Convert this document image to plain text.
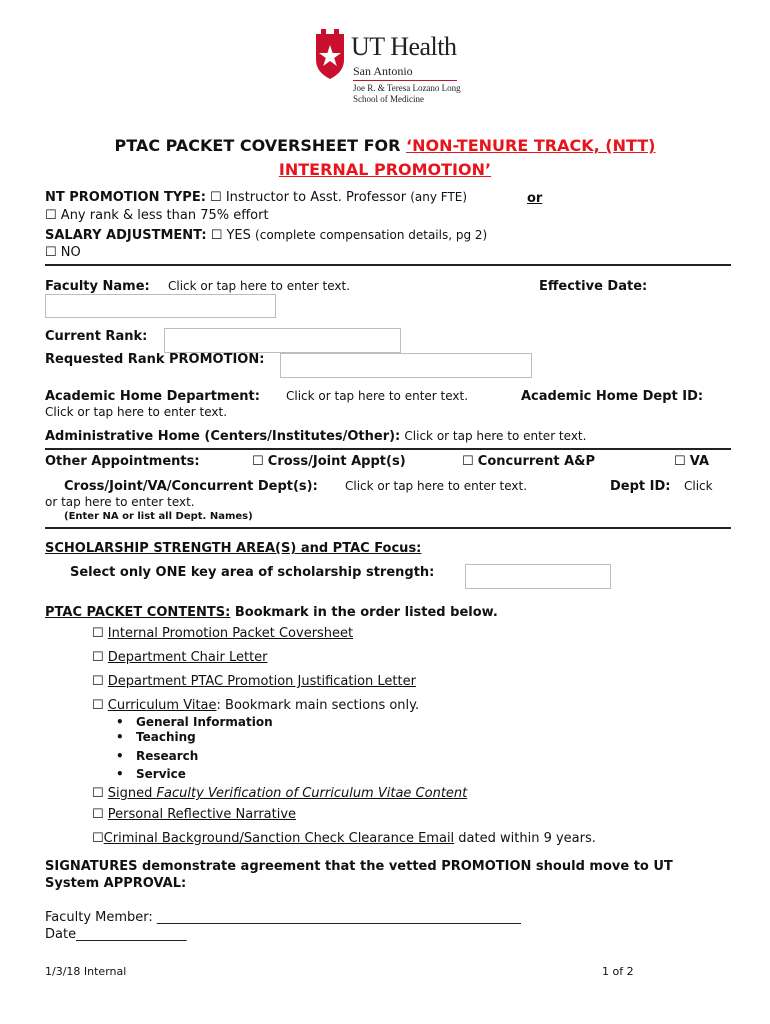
UT Health
San Antonio
Joe R. & Teresa Lozano Long
School of Medicine
PTAC PACKET COVERSHEET FOR ‘NON-TENURE TRACK, (NTT)
INTERNAL PROMOTION’
NT PROMOTION TYPE: ☐ Instructor to Asst. Professor (any FTE)	or
☐ Any rank & less than 75% effort
SALARY ADJUSTMENT: ☐ YES (complete compensation details, pg 2)
☐ NO
Faculty Name: Click or tap here to enter text.	Effective Date:
Current Rank:
Requested Rank PROMOTION:
Academic Home Department: Click or tap here to enter text.	Academic Home Dept ID:
Click or tap here to enter text.
Administrative Home (Centers/Institutes/Other): Click or tap here to enter text.
Other Appointments:	☐ Cross/Joint Appt(s)	☐ Concurrent A&P	☐ VA
Cross/Joint/VA/Concurrent Dept(s): Click or tap here to enter text.	Dept ID: Click
or tap here to enter text.
(Enter NA or list all Dept. Names)
SCHOLARSHIP STRENGTH AREA(S) and PTAC Focus:
Select only ONE key area of scholarship strength:
PTAC PACKET CONTENTS: Bookmark in the order listed below.
☐ Internal Promotion Packet Coversheet
☐ Department Chair Letter
☐ Department PTAC Promotion Justification Letter
☐ Curriculum Vitae: Bookmark main sections only.
• General Information
• Teaching
• Research
• Service
☐ Signed Faculty Verification of Curriculum Vitae Content
☐ Personal Reflective Narrative
☐Criminal Background/Sanction Check Clearance Email dated within 9 years.
SIGNATURES demonstrate agreement that the vetted PROMOTION should move to UT
System APPROVAL:
Faculty Member: ________________________________________________________
Date_________________
1/3/18 Internal	1 of 2
